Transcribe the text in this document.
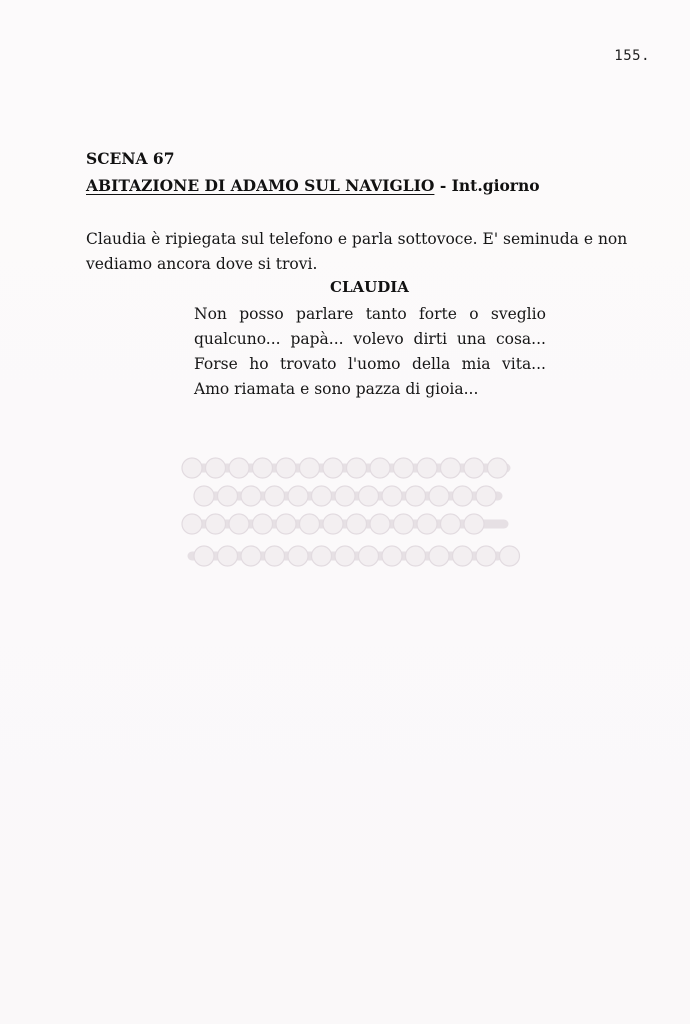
155.
SCENA 67

ABITAZIONE DI ADAMO SUL NAVIGLIO - Int.giorno

Claudia è ripiegata sul telefono e parla sottovoce. E' seminuda e non vediamo ancora dove si trovi.

CLAUDIA
Non posso parlare tanto forte o sveglio
qualcuno... papà... volevo dirti una cosa...
Forse ho trovato l'uomo della mia vita...
Amo riamata e sono pazza di gioia...
